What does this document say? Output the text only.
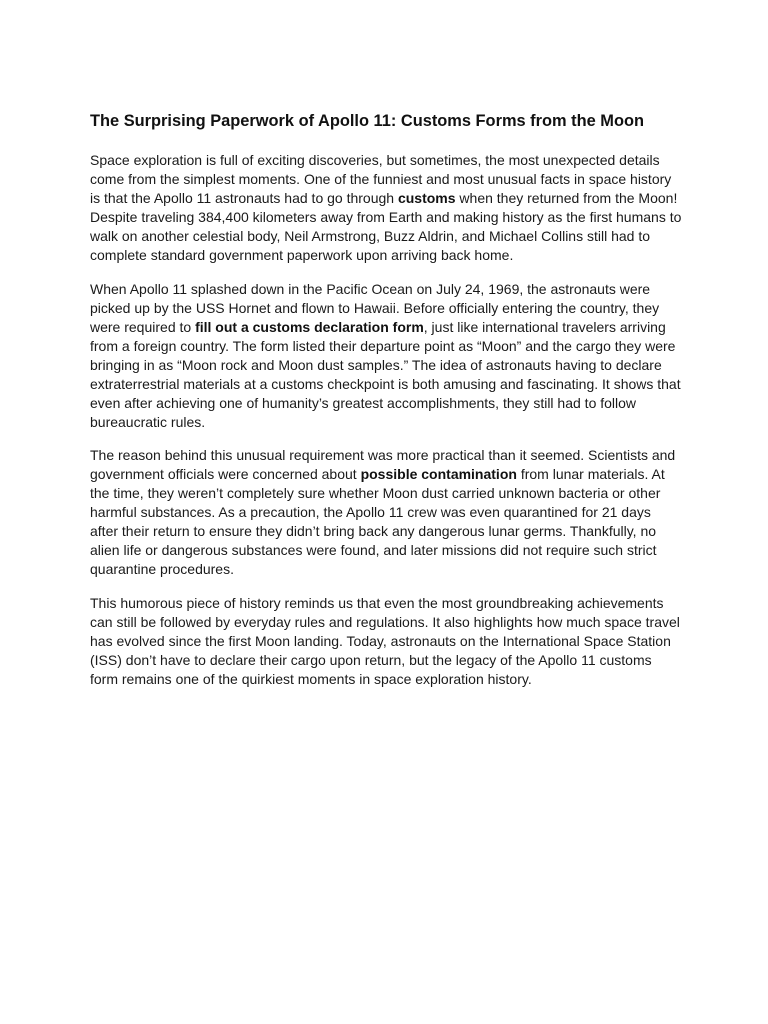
The Surprising Paperwork of Apollo 11: Customs Forms from the Moon

Space exploration is full of exciting discoveries, but sometimes, the most unexpected details come from the simplest moments. One of the funniest and most unusual facts in space history is that the Apollo 11 astronauts had to go through customs when they returned from the Moon! Despite traveling 384,400 kilometers away from Earth and making history as the first humans to walk on another celestial body, Neil Armstrong, Buzz Aldrin, and Michael Collins still had to complete standard government paperwork upon arriving back home.

When Apollo 11 splashed down in the Pacific Ocean on July 24, 1969, the astronauts were picked up by the USS Hornet and flown to Hawaii. Before officially entering the country, they were required to fill out a customs declaration form, just like international travelers arriving from a foreign country. The form listed their departure point as “Moon” and the cargo they were bringing in as “Moon rock and Moon dust samples.” The idea of astronauts having to declare extraterrestrial materials at a customs checkpoint is both amusing and fascinating. It shows that even after achieving one of humanity’s greatest accomplishments, they still had to follow bureaucratic rules.

The reason behind this unusual requirement was more practical than it seemed. Scientists and government officials were concerned about possible contamination from lunar materials. At the time, they weren’t completely sure whether Moon dust carried unknown bacteria or other harmful substances. As a precaution, the Apollo 11 crew was even quarantined for 21 days after their return to ensure they didn’t bring back any dangerous lunar germs. Thankfully, no alien life or dangerous substances were found, and later missions did not require such strict quarantine procedures.

This humorous piece of history reminds us that even the most groundbreaking achievements can still be followed by everyday rules and regulations. It also highlights how much space travel has evolved since the first Moon landing. Today, astronauts on the International Space Station (ISS) don’t have to declare their cargo upon return, but the legacy of the Apollo 11 customs form remains one of the quirkiest moments in space exploration history.
